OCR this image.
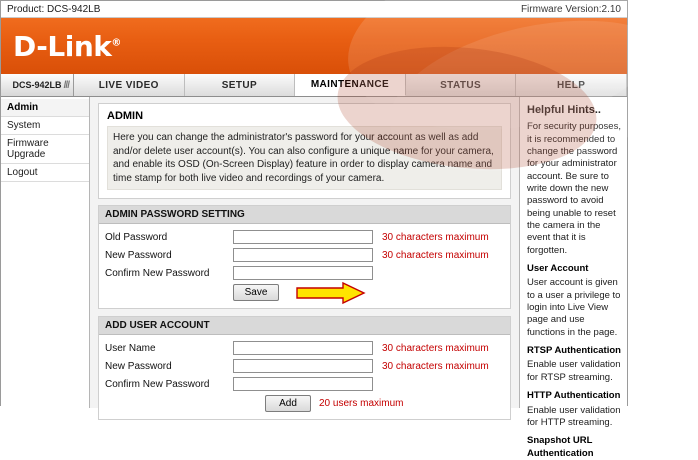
Product: DCS-942LB	Firmware Version:2.10
D-Link®
DCS-942LB ///	LIVE VIDEO	SETUP	MAINTENANCE	STATUS	HELP
Admin
System
Firmware Upgrade
Logout
ADMIN
Here you can change the administrator's password for your account as well as add and/or delete user account(s). You can also configure a unique name for your camera, and enable its OSD (On-Screen Display) feature in order to display camera name and time stamp for both live video and recordings of your camera.
ADMIN PASSWORD SETTING
Old Password	30 characters maximum
New Password	30 characters maximum
Confirm New Password
Save
ADD USER ACCOUNT
User Name	30 characters maximum
New Password	30 characters maximum
Confirm New Password
Add	20 users maximum
Helpful Hints..

For security purposes, it is recommended to change the password for your administrator account. Be sure to write down the new password to avoid being unable to reset the camera in the event that it is forgotten.

User Account

User account is given to a user a privilege to login into Live View page and use functions in the page.

RTSP Authentication

Enable user validation for RTSP streaming.

HTTP Authentication

Enable user validation for HTTP streaming.

Snapshot URL Authentication
